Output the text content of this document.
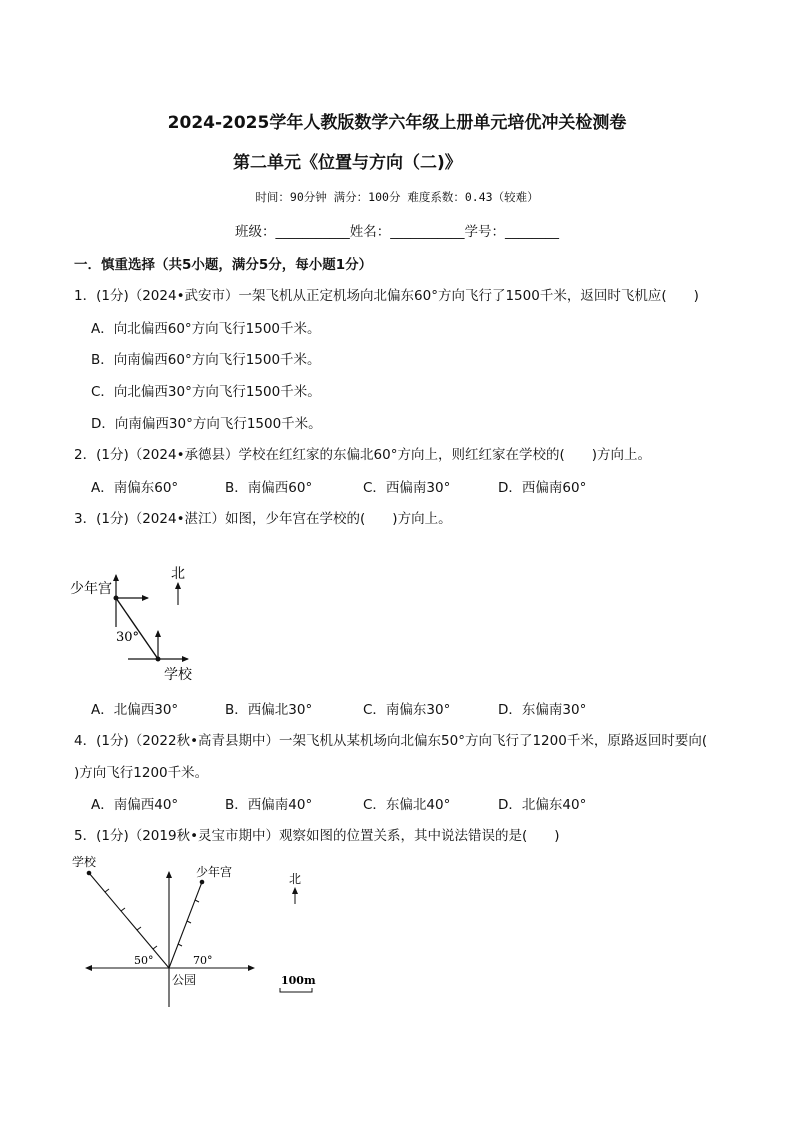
2024-2025学年人教版数学六年级上册单元培优冲关检测卷
第二单元《位置与方向（二)》
时间：90分钟 满分：100分 难度系数：0.43（较难）
班级：___________姓名：___________学号：________
一．慎重选择（共5小题，满分5分，每小题1分）
1．(1分)（2024•武安市）一架飞机从正定机场向北偏东60°方向飞行了1500千米，返回时飞机应(　　)
A．向北偏西60°方向飞行1500千米。
B．向南偏西60°方向飞行1500千米。
C．向北偏西30°方向飞行1500千米。
D．向南偏西30°方向飞行1500千米。
2．(1分)（2024•承德县）学校在红红家的东偏北60°方向上，则红红家在学校的(　　)方向上。
A．南偏东60°	B．南偏西60°	C．西偏南30°	D．西偏南60°
3．(1分)（2024•湛江）如图，少年宫在学校的(　　)方向上。
北
少年宫
30°
学校
A．北偏西30°	B．西偏北30°	C．南偏东30°	D．东偏南30°
4．(1分)（2022秋•高青县期中）一架飞机从某机场向北偏东50°方向飞行了1200千米，原路返回时要向(
)方向飞行1200千米。
A．南偏西40°	B．西偏南40°	C．东偏北40°	D．北偏东40°
5．(1分)（2019秋•灵宝市期中）观察如图的位置关系，其中说法错误的是(　　)
北
100m
学校
少年宫
50°	70°
公园
